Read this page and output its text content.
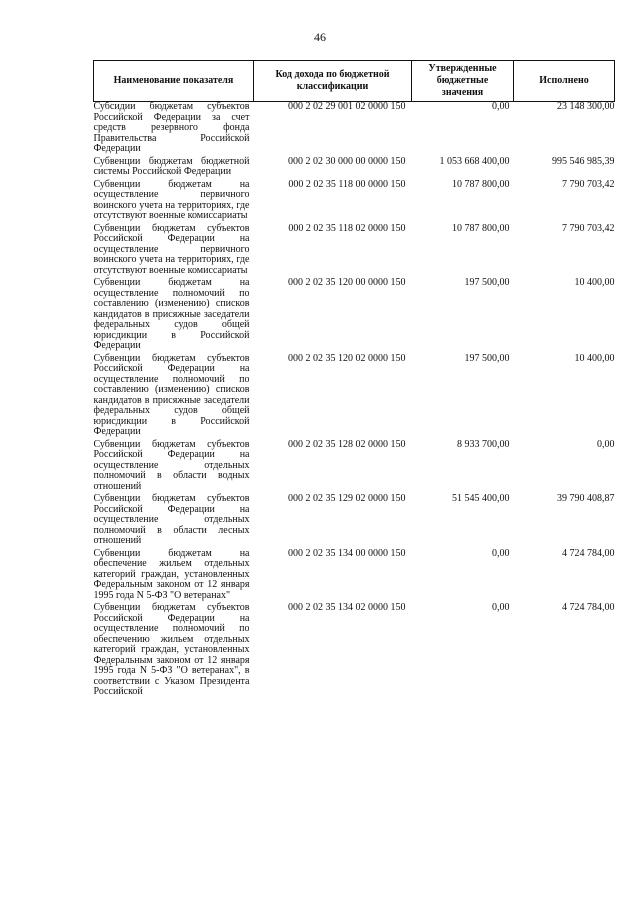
46
Наименование показателя	Код дохода по бюджетной классификации	Утвержденные бюджетные значения	Исполнено
Субсидии бюджетам субъектов Российской Федерации за счет средств резервного фонда Правительства Российской Федерации	000 2 02 29 001 02 0000 150	0,00	23 148 300,00
Субвенции бюджетам бюджетной системы Российской Федерации	000 2 02 30 000 00 0000 150	1 053 668 400,00	995 546 985,39
Субвенции бюджетам на осуществление первичного воинского учета на территориях, где отсутствуют военные комиссариаты	000 2 02 35 118 00 0000 150	10 787 800,00	7 790 703,42
Субвенции бюджетам субъектов Российской Федерации на осуществление первичного воинского учета на территориях, где отсутствуют военные комиссариаты	000 2 02 35 118 02 0000 150	10 787 800,00	7 790 703,42
Субвенции бюджетам на осуществление полномочий по составлению (изменению) списков кандидатов в присяжные заседатели федеральных судов общей юрисдикции в Российской Федерации	000 2 02 35 120 00 0000 150	197 500,00	10 400,00
Субвенции бюджетам субъектов Российской Федерации на осуществление полномочий по составлению (изменению) списков кандидатов в присяжные заседатели федеральных судов общей юрисдикции в Российской Федерации	000 2 02 35 120 02 0000 150	197 500,00	10 400,00
Субвенции бюджетам субъектов Российской Федерации на осуществление отдельных полномочий в области водных отношений	000 2 02 35 128 02 0000 150	8 933 700,00	0,00
Субвенции бюджетам субъектов Российской Федерации на осуществление отдельных полномочий в области лесных отношений	000 2 02 35 129 02 0000 150	51 545 400,00	39 790 408,87
Субвенции бюджетам на обеспечение жильем отдельных категорий граждан, установленных Федеральным законом от 12 января 1995 года N 5-ФЗ "О ветеранах"	000 2 02 35 134 00 0000 150	0,00	4 724 784,00
Субвенции бюджетам субъектов Российской Федерации на осуществление полномочий по обеспечению жильем отдельных категорий граждан, установленных Федеральным законом от 12 января 1995 года N 5-ФЗ "О ветеранах", в соответствии с Указом Президента Российской	000 2 02 35 134 02 0000 150	0,00	4 724 784,00
